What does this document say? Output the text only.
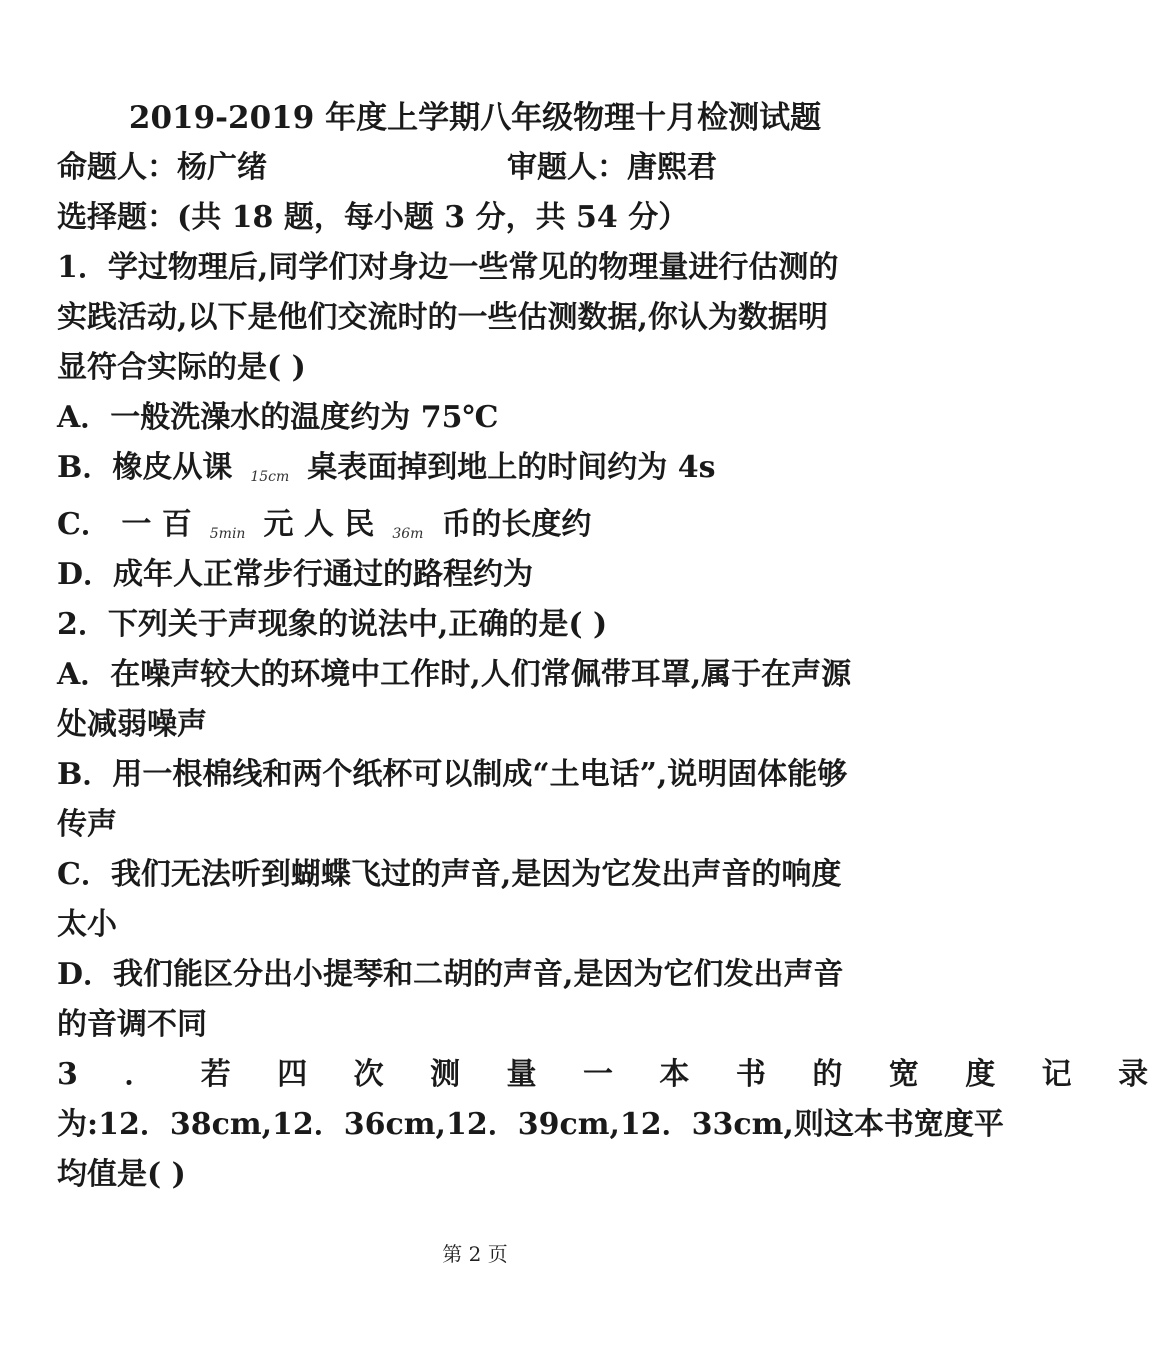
2019-2019 年度上学期八年级物理十月检测试题
命题人：杨广绪	审题人：唐熙君
选择题：(共 18 题，每小题 3 分，共 54 分）
1．学过物理后,同学们对身边一些常见的物理量进行估测的
实践活动,以下是他们交流时的一些估测数据,你认为数据明
显符合实际的是( )
A．一般洗澡水的温度约为 75℃
B．橡皮从课 15cm 桌表面掉到地上的时间约为 4s
C． 一 百 5min 元 人 民 36m 币的长度约
D．成年人正常步行通过的路程约为
2．下列关于声现象的说法中,正确的是( )
A．在噪声较大的环境中工作时,人们常佩带耳罩,属于在声源
处减弱噪声
B．用一根棉线和两个纸杯可以制成“土电话”,说明固体能够
传声
C．我们无法听到蝴蝶飞过的声音,是因为它发出声音的响度
太小
D．我们能区分出小提琴和二胡的声音,是因为它们发出声音
的音调不同
3 ． 若 四 次 测 量 一 本 书 的 宽 度 记 录
为:12．38cm,12．36cm,12．39cm,12．33cm,则这本书宽度平
均值是( )
第 2 页
